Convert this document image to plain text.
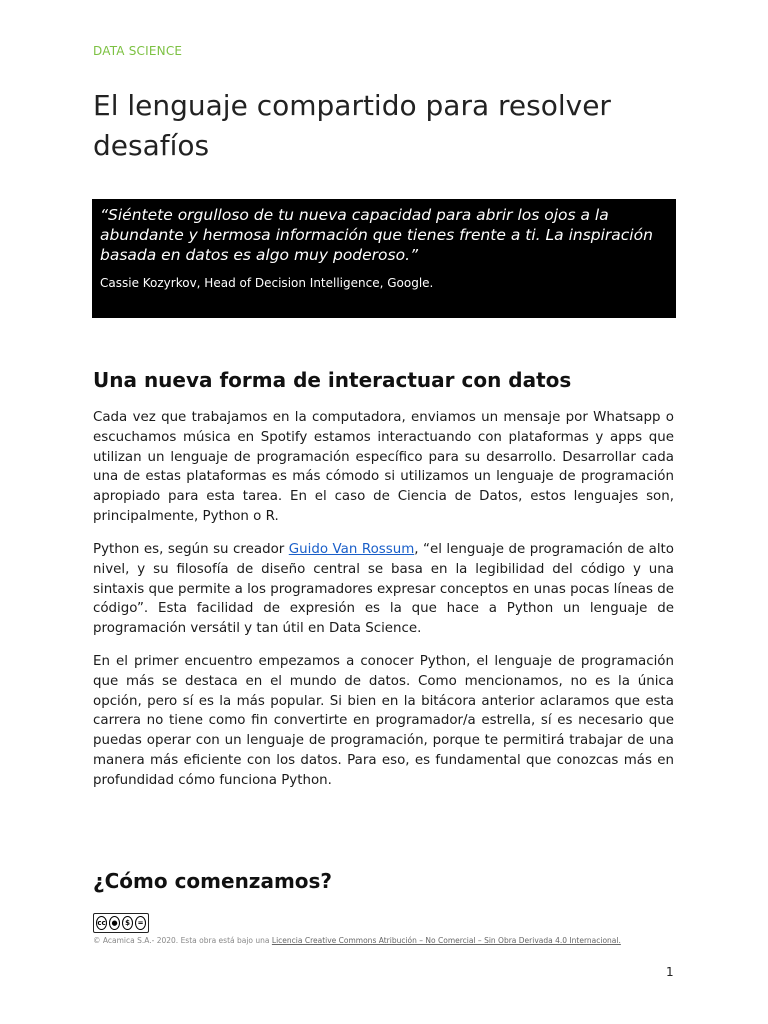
DATA SCIENCE
El lenguaje compartido para resolver desafíos

“Siéntete orgulloso de tu nueva capacidad para abrir los ojos a la abundante y hermosa información que tienes frente a ti. La inspiración basada en datos es algo muy poderoso.”

Cassie Kozyrkov, Head of Decision Intelligence, Google.

Una nueva forma de interactuar con datos

Cada vez que trabajamos en la computadora, enviamos un mensaje por Whatsapp o escuchamos música en Spotify estamos interactuando con plataformas y apps que utilizan un lenguaje de programación específico para su desarrollo. Desarrollar cada una de estas plataformas es más cómodo si utilizamos un lenguaje de programación apropiado para esta tarea. En el caso de Ciencia de Datos, estos lenguajes son, principalmente, Python o R.

Python es, según su creador Guido Van Rossum, “el lenguaje de programación de alto nivel, y su filosofía de diseño central se basa en la legibilidad del código y una sintaxis que permite a los programadores expresar conceptos en unas pocas líneas de código”. Esta facilidad de expresión es la que hace a Python un lenguaje de programación versátil y tan útil en Data Science.

En el primer encuentro empezamos a conocer Python, el lenguaje de programación que más se destaca en el mundo de datos. Como mencionamos, no es la única opción, pero sí es la más popular. Si bien en la bitácora anterior aclaramos que esta carrera no tiene como fin convertirte en programador/a estrella, sí es necesario que puedas operar con un lenguaje de programación, porque te permitirá trabajar de una manera más eficiente con los datos. Para eso, es fundamental que conozcas más en profundidad cómo funciona Python.

¿Cómo comenzamos?
cc ●	$	=
© Acamica S.A.- 2020. Esta obra está bajo una Licencia Creative Commons Atribución – No Comercial – Sin Obra Derivada 4.0 Internacional.
1
